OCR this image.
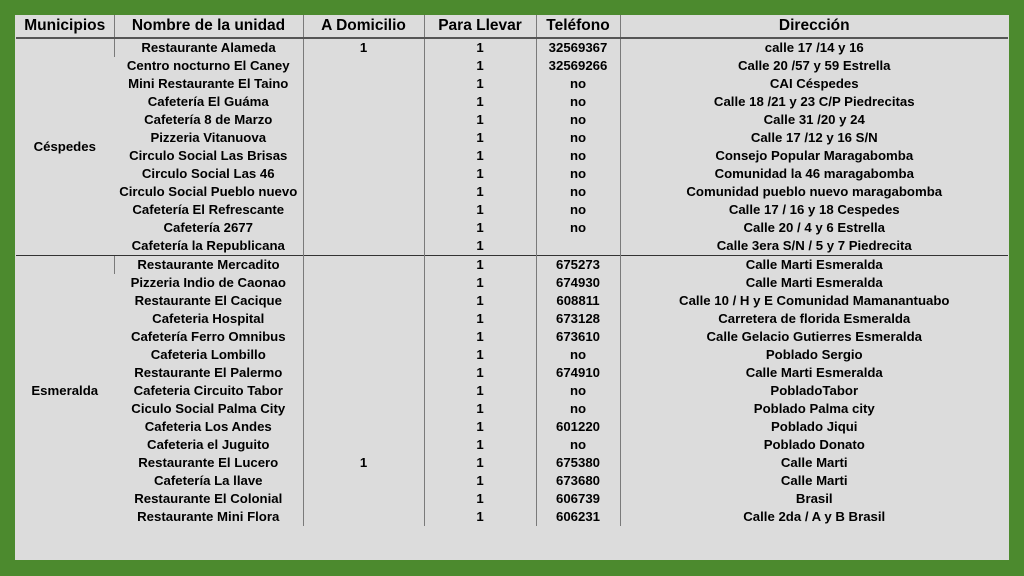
Municipios	Nombre de la unidad	A Domicilio	Para Llevar	Teléfono	Dirección
Céspedes	Restaurante Alameda	1	1	32569367	calle 17 /14 y 16
	Centro nocturno El Caney		1	32569266	Calle 20 /57 y 59 Estrella
	Mini Restaurante El Taino		1	no	CAI Céspedes
	Cafetería El Guáma		1	no	Calle 18 /21 y 23 C/P Piedrecitas
	Cafetería 8 de Marzo		1	no	Calle 31 /20 y 24
	Pizzeria Vitanuova		1	no	Calle 17 /12 y 16 S/N
	Circulo Social Las Brisas		1	no	Consejo Popular Maragabomba
	Circulo Social Las 46		1	no	Comunidad la 46 maragabomba
	Circulo Social Pueblo nuevo		1	no	Comunidad pueblo nuevo maragabomba
	Cafetería El Refrescante		1	no	Calle 17 / 16 y 18 Cespedes
	Cafetería 2677		1	no	Calle 20 / 4 y 6 Estrella
	Cafetería la Republicana		1		Calle 3era S/N / 5 y 7 Piedrecita
Esmeralda	Restaurante Mercadito		1	675273	Calle Marti Esmeralda
	Pizzeria Indio de Caonao		1	674930	Calle Marti Esmeralda
	Restaurante El Cacique		1	608811	Calle 10 / H y E Comunidad Mamanantuabo
	Cafeteria Hospital		1	673128	Carretera de florida Esmeralda
	Cafetería Ferro Omnibus		1	673610	Calle Gelacio Gutierres Esmeralda
	Cafeteria Lombillo		1	no	Poblado Sergio
	Restaurante El Palermo		1	674910	Calle Marti Esmeralda
	Cafeteria Circuito Tabor		1	no	PobladoTabor
	Ciculo Social Palma City		1	no	Poblado Palma city
	Cafeteria Los Andes		1	601220	Poblado Jiqui
	Cafeteria el Juguito		1	no	Poblado Donato
	Restaurante El Lucero	1	1	675380	Calle Marti
	Cafetería La llave		1	673680	Calle Marti
	Restaurante El Colonial		1	606739	Brasil
	Restaurante Mini Flora		1	606231	Calle 2da / A y B Brasil
